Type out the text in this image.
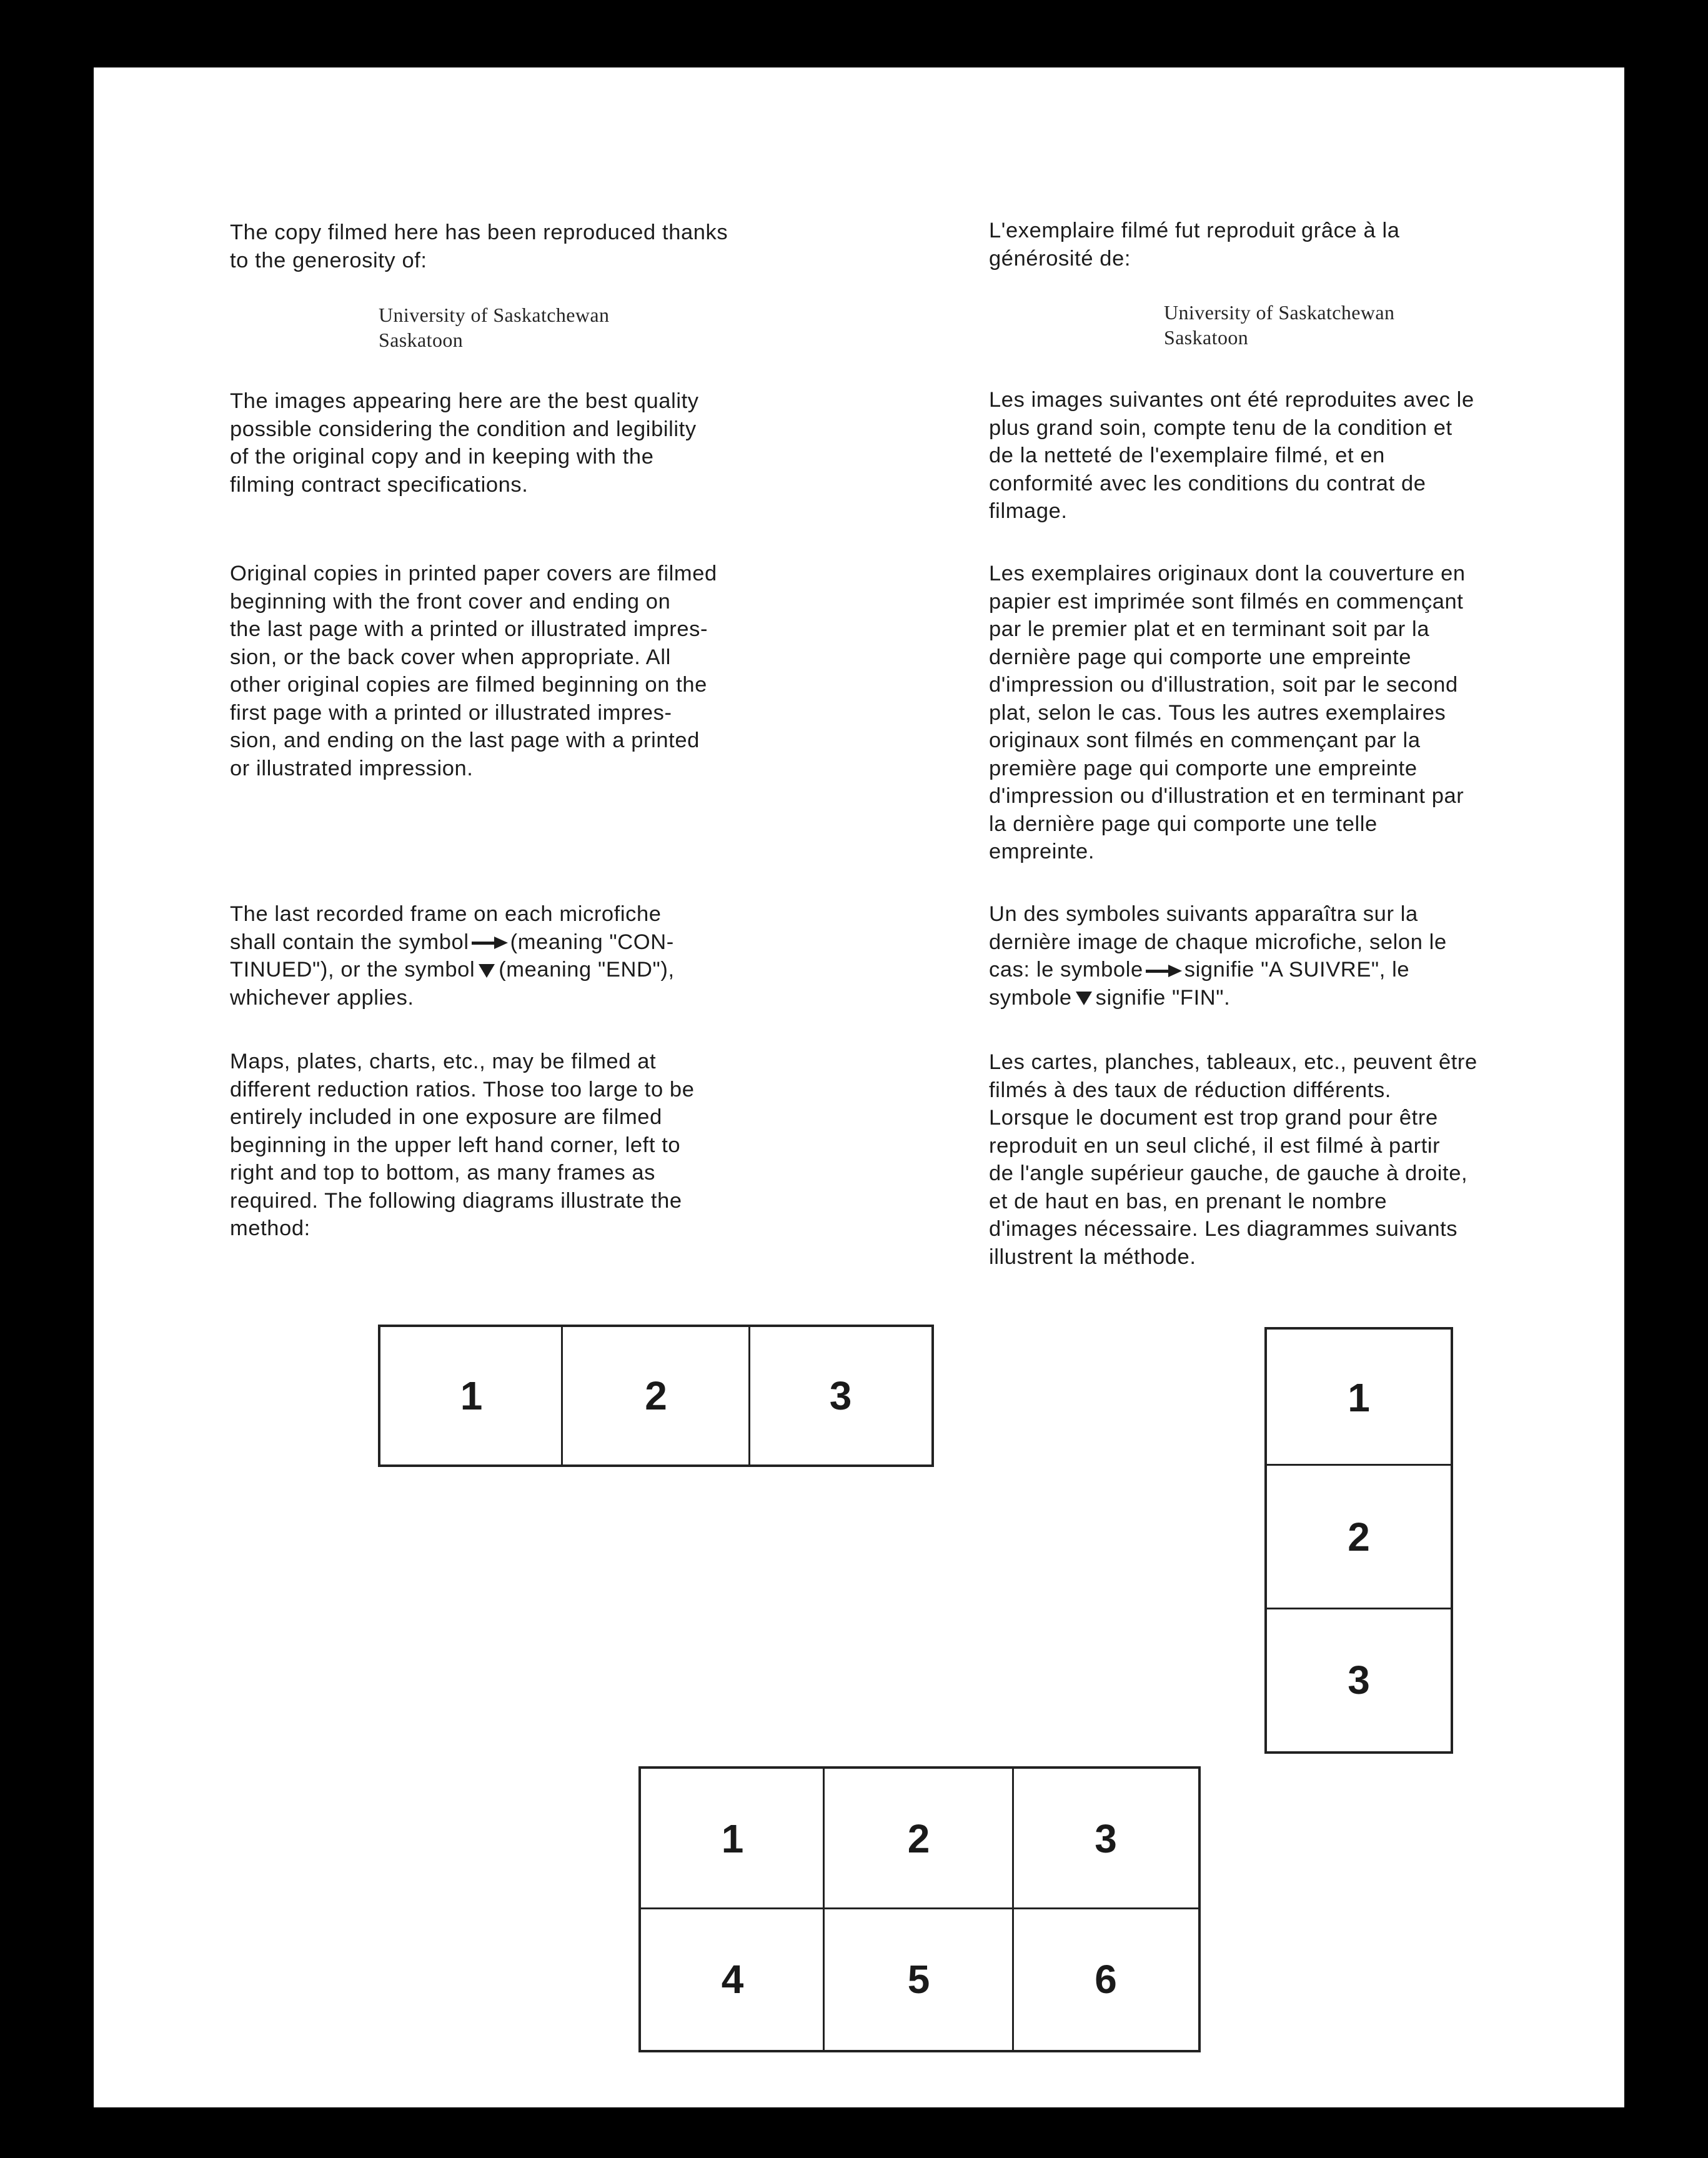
The copy filmed here has been reproduced thanks
to the generosity of:

University of Saskatchewan
Saskatoon

The images appearing here are the best quality
possible considering the condition and legibility
of the original copy and in keeping with the
filming contract specifications.

Original copies in printed paper covers are filmed
beginning with the front cover and ending on
the last page with a printed or illustrated impres-
sion, or the back cover when appropriate. All
other original copies are filmed beginning on the
first page with a printed or illustrated impres-
sion, and ending on the last page with a printed
or illustrated impression.

The last recorded frame on each microfiche
shall contain the symbol (meaning "CON-
TINUED"), or the symbol (meaning "END"),
whichever applies.

Maps, plates, charts, etc., may be filmed at
different reduction ratios. Those too large to be
entirely included in one exposure are filmed
beginning in the upper left hand corner, left to
right and top to bottom, as many frames as
required. The following diagrams illustrate the
method:

L'exemplaire filmé fut reproduit grâce à la
générosité de:

University of Saskatchewan
Saskatoon

Les images suivantes ont été reproduites avec le
plus grand soin, compte tenu de la condition et
de la netteté de l'exemplaire filmé, et en
conformité avec les conditions du contrat de
filmage.

Les exemplaires originaux dont la couverture en
papier est imprimée sont filmés en commençant
par le premier plat et en terminant soit par la
dernière page qui comporte une empreinte
d'impression ou d'illustration, soit par le second
plat, selon le cas. Tous les autres exemplaires
originaux sont filmés en commençant par la
première page qui comporte une empreinte
d'impression ou d'illustration et en terminant par
la dernière page qui comporte une telle
empreinte.

Un des symboles suivants apparaîtra sur la
dernière image de chaque microfiche, selon le
cas: le symbole signifie "A SUIVRE", le
symbole signifie "FIN".

Les cartes, planches, tableaux, etc., peuvent être
filmés à des taux de réduction différents.
Lorsque le document est trop grand pour être
reproduit en un seul cliché, il est filmé à partir
de l'angle supérieur gauche, de gauche à droite,
et de haut en bas, en prenant le nombre
d'images nécessaire. Les diagrammes suivants
illustrent la méthode.

1	2	3	1
2
3
1	2	3
4	5	6
